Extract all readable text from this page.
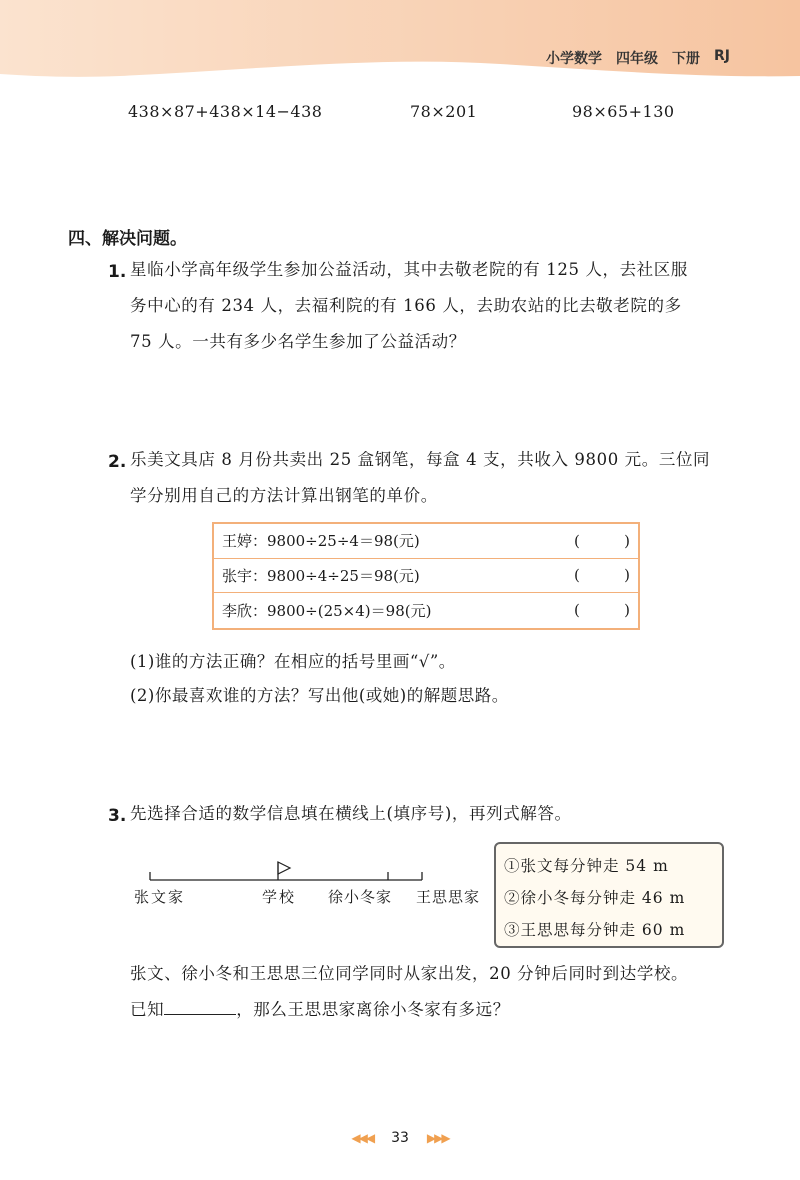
小学数学 四年级 下册 RJ
438×87+438×14−438	78×201	98×65+130
四、解决问题。
1. 星临小学高年级学生参加公益活动，其中去敬老院的有 125 人，去社区服
务中心的有 234 人，去福利院的有 166 人，去助农站的比去敬老院的多
75 人。一共有多少名学生参加了公益活动？
2. 乐美文具店 8 月份共卖出 25 盒钢笔，每盒 4 支，共收入 9800 元。三位同
学分别用自己的方法计算出钢笔的单价。
王婷：9800÷25÷4＝98(元)	(	)
张宇：9800÷4÷25＝98(元)	(	)
李欣：9800÷(25×4)＝98(元)	(	)
(1)谁的方法正确？在相应的括号里画“√”。
(2)你最喜欢谁的方法？写出他(或她)的解题思路。
3. 先选择合适的数学信息填在横线上(填序号)，再列式解答。
张文家	学校 徐小冬家 王思思家
①张文每分钟走 54 m
②徐小冬每分钟走 46 m
③王思思每分钟走 60 m
张文、徐小冬和王思思三位同学同时从家出发，20 分钟后同时到达学校。
已知	，那么王思思家离徐小冬家有多远？
◀◀◀ 33 ▶▶▶
